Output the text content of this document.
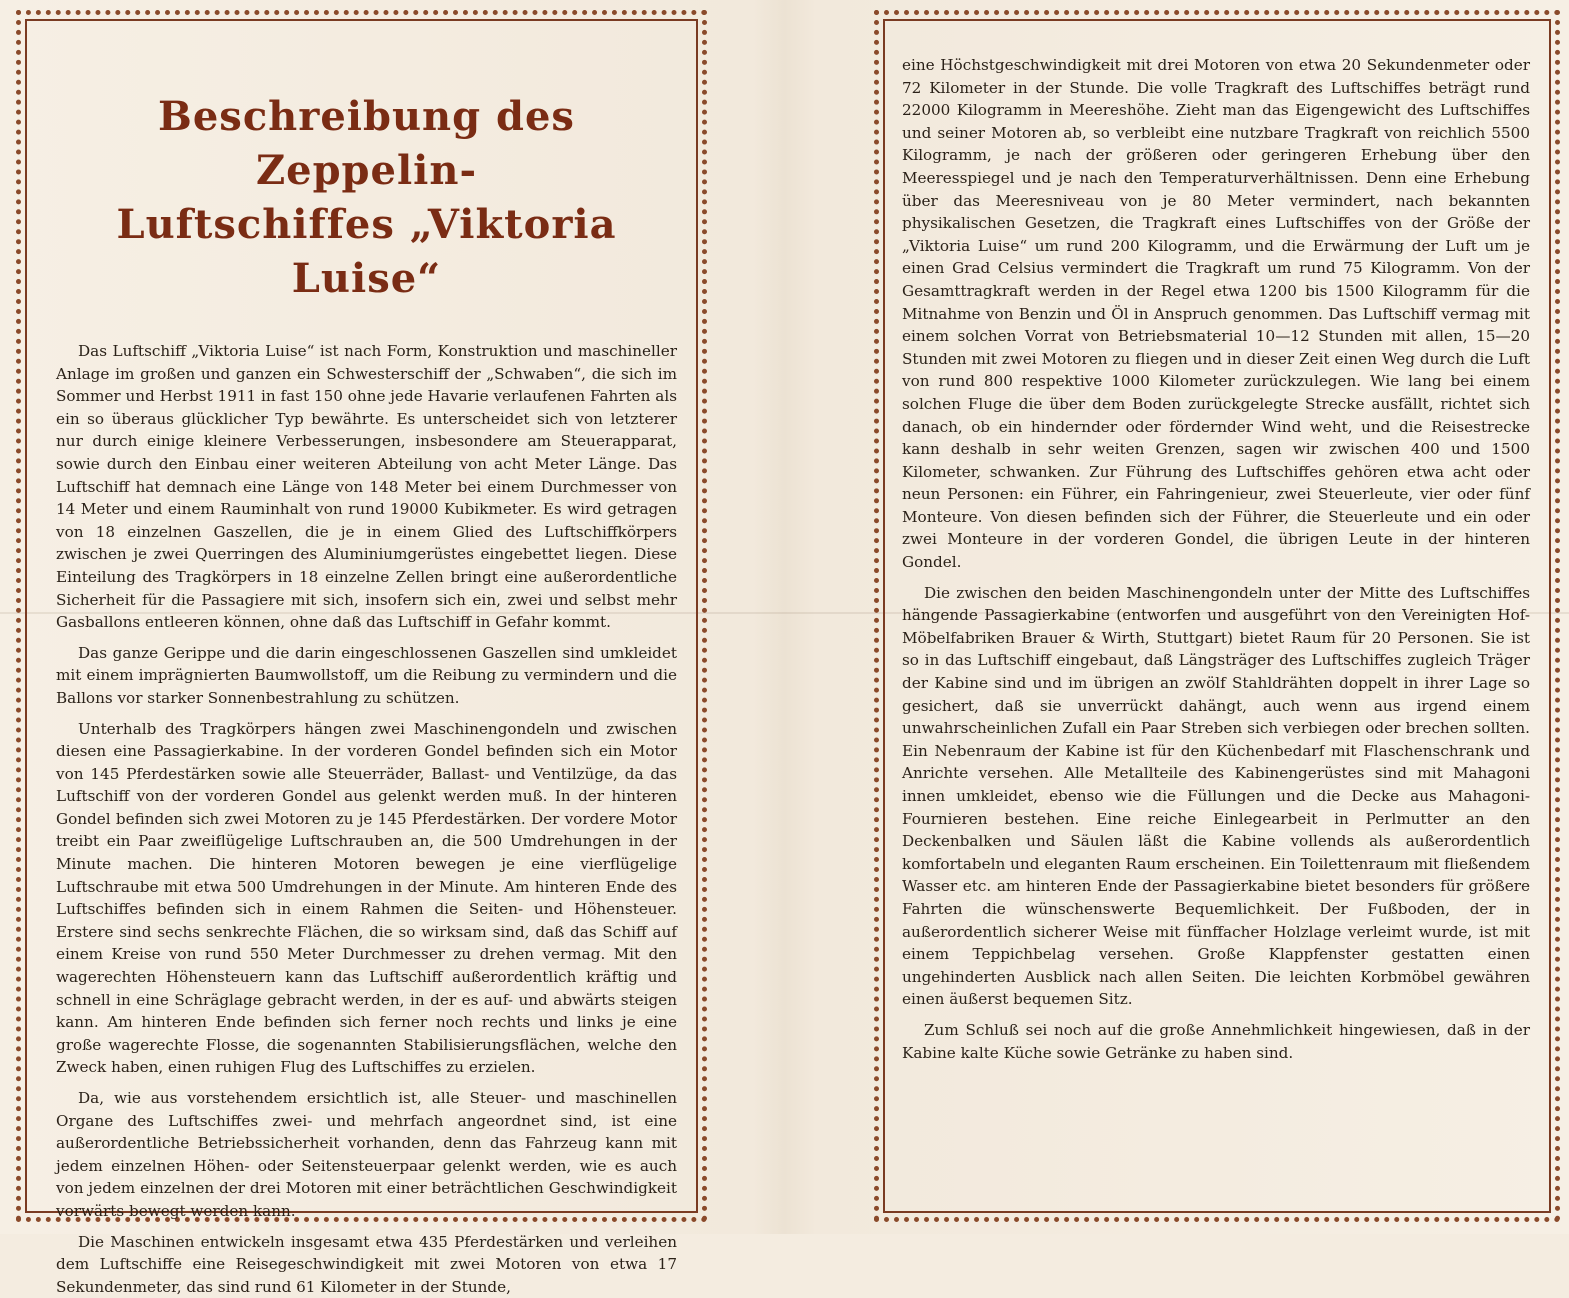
Beschreibung des Zeppelin-
Luftschiffes „Viktoria Luise“

Das Luftschiff „Viktoria Luise“ ist nach Form, Konstruktion und maschineller Anlage im großen und ganzen ein Schwesterschiff der „Schwaben“, die sich im Sommer und Herbst 1911 in fast 150 ohne jede Havarie verlaufenen Fahrten als ein so überaus glücklicher Typ bewährte. Es unterscheidet sich von letzterer nur durch einige kleinere Verbesserungen, insbesondere am Steuerapparat, sowie durch den Einbau einer weiteren Abteilung von acht Meter Länge. Das Luftschiff hat demnach eine Länge von 148 Meter bei einem Durchmesser von 14 Meter und einem Rauminhalt von rund 19000 Kubikmeter. Es wird getragen von 18 einzelnen Gaszellen, die je in einem Glied des Luftschiffkörpers zwischen je zwei Querringen des Aluminiumgerüstes eingebettet liegen. Diese Einteilung des Tragkörpers in 18 einzelne Zellen bringt eine außerordentliche Sicherheit für die Passagiere mit sich, insofern sich ein, zwei und selbst mehr Gasballons entleeren können, ohne daß das Luftschiff in Gefahr kommt.

Das ganze Gerippe und die darin eingeschlossenen Gaszellen sind umkleidet mit einem imprägnierten Baumwollstoff, um die Reibung zu vermindern und die Ballons vor starker Sonnenbestrahlung zu schützen.

Unterhalb des Tragkörpers hängen zwei Maschinengondeln und zwischen diesen eine Passagierkabine. In der vorderen Gondel befinden sich ein Motor von 145 Pferdestärken sowie alle Steuerräder, Ballast- und Ventilzüge, da das Luftschiff von der vorderen Gondel aus gelenkt werden muß. In der hinteren Gondel befinden sich zwei Motoren zu je 145 Pferdestärken. Der vordere Motor treibt ein Paar zweiflügelige Luftschrauben an, die 500 Umdrehungen in der Minute machen. Die hinteren Motoren bewegen je eine vierflügelige Luftschraube mit etwa 500 Umdrehungen in der Minute. Am hinteren Ende des Luftschiffes befinden sich in einem Rahmen die Seiten- und Höhensteuer. Erstere sind sechs senkrechte Flächen, die so wirksam sind, daß das Schiff auf einem Kreise von rund 550 Meter Durchmesser zu drehen vermag. Mit den wagerechten Höhensteuern kann das Luftschiff außerordentlich kräftig und schnell in eine Schräglage gebracht werden, in der es auf- und abwärts steigen kann. Am hinteren Ende befinden sich ferner noch rechts und links je eine große wagerechte Flosse, die sogenannten Stabilisierungsflächen, welche den Zweck haben, einen ruhigen Flug des Luftschiffes zu erzielen.

Da, wie aus vorstehendem ersichtlich ist, alle Steuer- und maschinellen Organe des Luftschiffes zwei- und mehrfach angeordnet sind, ist eine außerordentliche Betriebssicherheit vorhanden, denn das Fahrzeug kann mit jedem einzelnen Höhen- oder Seitensteuerpaar gelenkt werden, wie es auch von jedem einzelnen der drei Motoren mit einer beträchtlichen Geschwindigkeit vorwärts bewegt werden kann.

Die Maschinen entwickeln insgesamt etwa 435 Pferdestärken und verleihen dem Luftschiffe eine Reisegeschwindigkeit mit zwei Motoren von etwa 17 Sekundenmeter, das sind rund 61 Kilometer in der Stunde,

eine Höchstgeschwindigkeit mit drei Motoren von etwa 20 Sekundenmeter oder 72 Kilometer in der Stunde. Die volle Tragkraft des Luftschiffes beträgt rund 22000 Kilogramm in Meereshöhe. Zieht man das Eigengewicht des Luftschiffes und seiner Motoren ab, so verbleibt eine nutzbare Tragkraft von reichlich 5500 Kilogramm, je nach der größeren oder geringeren Erhebung über den Meeresspiegel und je nach den Temperaturverhältnissen. Denn eine Erhebung über das Meeresniveau von je 80 Meter vermindert, nach bekannten physikalischen Gesetzen, die Tragkraft eines Luftschiffes von der Größe der „Viktoria Luise“ um rund 200 Kilogramm, und die Erwärmung der Luft um je einen Grad Celsius vermindert die Tragkraft um rund 75 Kilogramm. Von der Gesamttragkraft werden in der Regel etwa 1200 bis 1500 Kilogramm für die Mitnahme von Benzin und Öl in Anspruch genommen. Das Luftschiff vermag mit einem solchen Vorrat von Betriebsmaterial 10—12 Stunden mit allen, 15—20 Stunden mit zwei Motoren zu fliegen und in dieser Zeit einen Weg durch die Luft von rund 800 respektive 1000 Kilometer zurückzulegen. Wie lang bei einem solchen Fluge die über dem Boden zurückgelegte Strecke ausfällt, richtet sich danach, ob ein hindernder oder fördernder Wind weht, und die Reisestrecke kann deshalb in sehr weiten Grenzen, sagen wir zwischen 400 und 1500 Kilometer, schwanken. Zur Führung des Luftschiffes gehören etwa acht oder neun Personen: ein Führer, ein Fahringenieur, zwei Steuerleute, vier oder fünf Monteure. Von diesen befinden sich der Führer, die Steuerleute und ein oder zwei Monteure in der vorderen Gondel, die übrigen Leute in der hinteren Gondel.

Die zwischen den beiden Maschinengondeln unter der Mitte des Luftschiffes hängende Passagierkabine (entworfen und ausgeführt von den Vereinigten Hof-Möbelfabriken Brauer & Wirth, Stuttgart) bietet Raum für 20 Personen. Sie ist so in das Luftschiff eingebaut, daß Längsträger des Luftschiffes zugleich Träger der Kabine sind und im übrigen an zwölf Stahldrähten doppelt in ihrer Lage so gesichert, daß sie unverrückt dahängt, auch wenn aus irgend einem unwahrscheinlichen Zufall ein Paar Streben sich verbiegen oder brechen sollten. Ein Nebenraum der Kabine ist für den Küchenbedarf mit Flaschenschrank und Anrichte versehen. Alle Metallteile des Kabinengerüstes sind mit Mahagoni innen umkleidet, ebenso wie die Füllungen und die Decke aus Mahagoni-Fournieren bestehen. Eine reiche Einlegearbeit in Perlmutter an den Deckenbalken und Säulen läßt die Kabine vollends als außerordentlich komfortabeln und eleganten Raum erscheinen. Ein Toilettenraum mit fließendem Wasser etc. am hinteren Ende der Passagierkabine bietet besonders für größere Fahrten die wünschenswerte Bequemlichkeit. Der Fußboden, der in außerordentlich sicherer Weise mit fünffacher Holzlage verleimt wurde, ist mit einem Teppichbelag versehen. Große Klappfenster gestatten einen ungehinderten Ausblick nach allen Seiten. Die leichten Korbmöbel gewähren einen äußerst bequemen Sitz.

Zum Schluß sei noch auf die große Annehmlichkeit hingewiesen, daß in der Kabine kalte Küche sowie Getränke zu haben sind.
